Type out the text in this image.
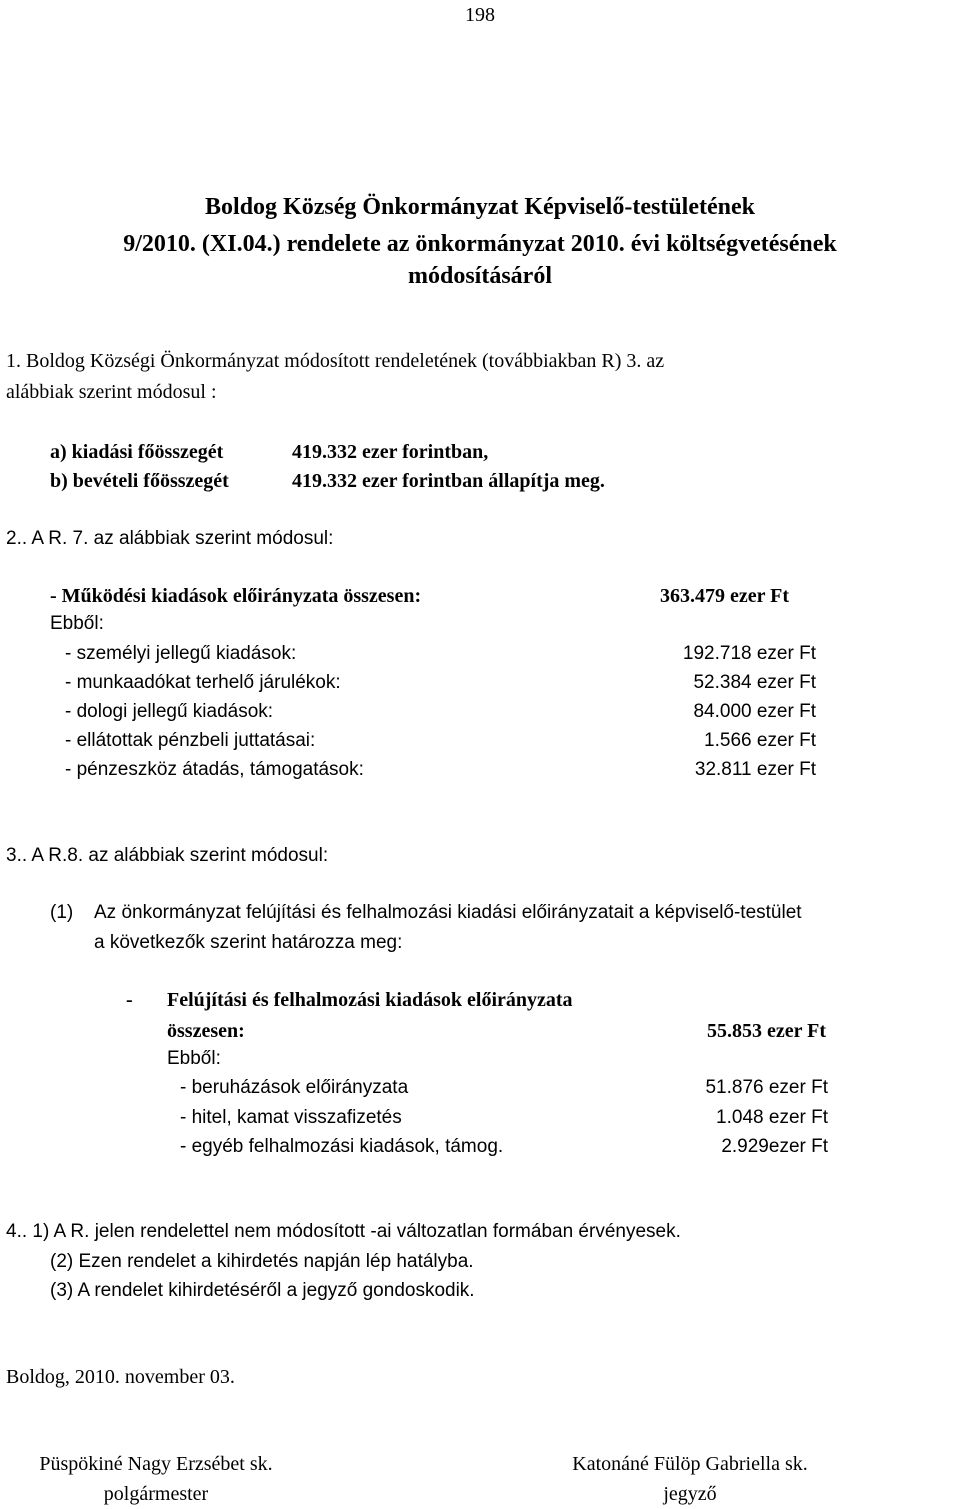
198
Boldog Község Önkormányzat Képviselő-testületének
9/2010. (XI.04.) rendelete az önkormányzat 2010. évi költségvetésének
módosításáról
1. Boldog Községi Önkormányzat módosított rendeletének (továbbiakban R) 3. az
alábbiak szerint módosul :
a) kiadási főösszegét	419.332 ezer forintban,
b) bevételi főösszegét	419.332 ezer forintban állapítja meg.
2.. A R. 7. az alábbiak szerint módosul:
- Működési kiadások előirányzata összesen:	363.479 ezer Ft
Ebből:
- személyi jellegű kiadások:	192.718 ezer Ft
- munkaadókat terhelő járulékok:	52.384 ezer Ft
- dologi jellegű kiadások:	84.000 ezer Ft
- ellátottak pénzbeli juttatásai:	1.566 ezer Ft
- pénzeszköz átadás, támogatások:	32.811 ezer Ft
3.. A R.8. az alábbiak szerint módosul:
(1) Az önkormányzat felújítási és felhalmozási kiadási előirányzatait a képviselő-testület
a következők szerint határozza meg:
- Felújítási és felhalmozási kiadások előirányzata
összesen:	55.853 ezer Ft
Ebből:
- beruházások előirányzata	51.876 ezer Ft
- hitel, kamat visszafizetés	1.048 ezer Ft
- egyéb felhalmozási kiadások, támog.	2.929ezer Ft
4.. 1) A R. jelen rendelettel nem módosított -ai változatlan formában érvényesek.
(2) Ezen rendelet a kihirdetés napján lép hatályba.
(3) A rendelet kihirdetéséről a jegyző gondoskodik.
Boldog, 2010. november 03.
Püspökiné Nagy Erzsébet sk.
polgármester
Katonáné Fülöp Gabriella sk.
jegyző
